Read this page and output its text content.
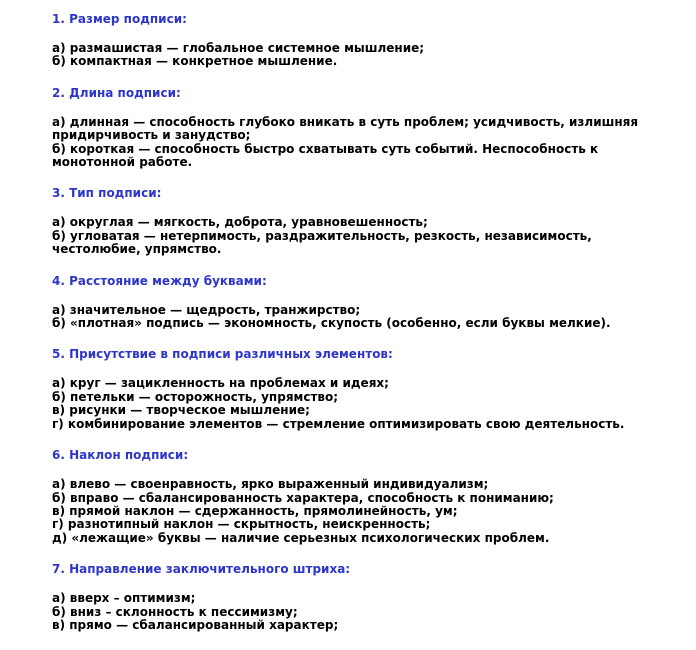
1. Размер подписи:
а) размашистая — глобальное системное мышление;
б) компактная — конкретное мышление.
2. Длина подписи:
а) длинная — способность глубоко вникать в суть проблем; усидчивость, излишняя придирчивость и занудство;
б) короткая — способность быстро схватывать суть событий. Неспособность к монотонной работе.
3. Тип подписи:
а) округлая — мягкость, доброта, уравновешенность;
б) угловатая — нетерпимость, раздражительность, резкость, независимость, честолюбие, упрямство.
4. Расстояние между буквами:
а) значительное — щедрость, транжирство;
б) «плотная» подпись — экономность, скупость (особенно, если буквы мелкие).
5. Присутствие в подписи различных элементов:
а) круг — зацикленность на проблемах и идеях;
б) петельки — осторожность, упрямство;
в) рисунки — творческое мышление;
г) комбинирование элементов — стремление оптимизировать свою деятельность.
6. Наклон подписи:
а) влево — своенравность, ярко выраженный индивидуализм;
б) вправо — сбалансированность характера, способность к пониманию;
в) прямой наклон — сдержанность, прямолинейность, ум;
г) разнотипный наклон — скрытность, неискренность;
д) «лежащие» буквы — наличие серьезных психологических проблем.
7. Направление заключительного штриха:
а) вверх – оптимизм;
б) вниз – склонность к пессимизму;
в) прямо — сбалансированный характер;
